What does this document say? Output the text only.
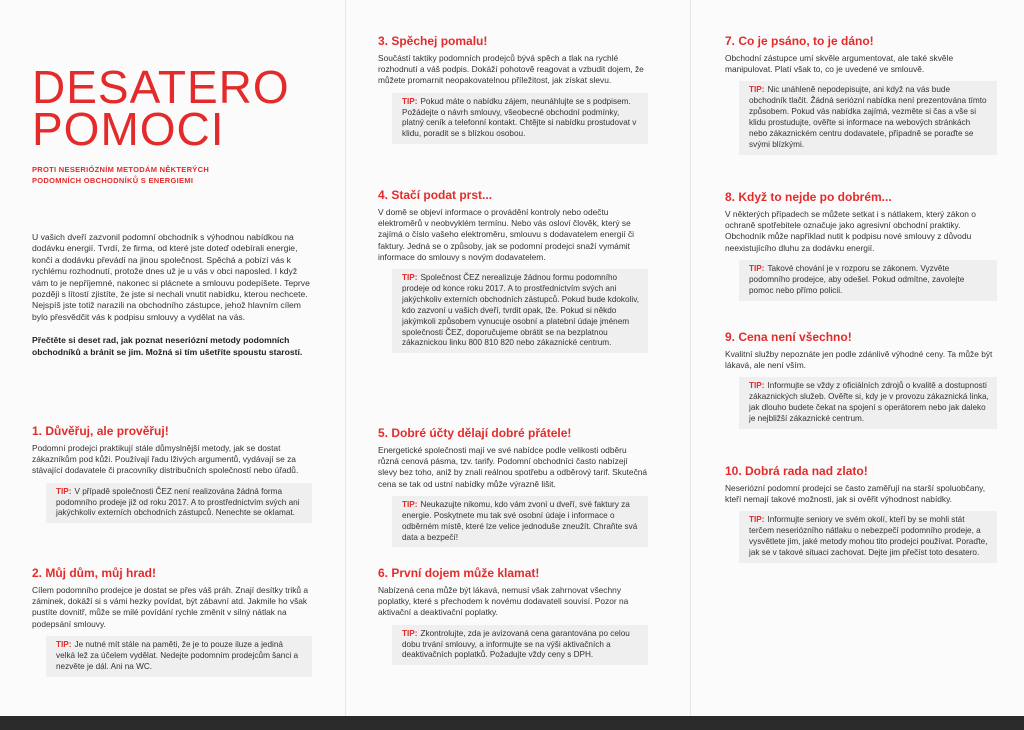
DESATERO
POMOCI
PROTI NESERIÓZNÍM METODÁM NĚKTERÝCH
PODOMNÍCH OBCHODNÍKŮ S ENERGIEMI

U vašich dveří zazvonil podomní obchodník s výhodnou nabídkou na dodávku energií. Tvrdí, že firma, od které jste doteď odebírali energie, končí a dodávku převádí na jinou společnost. Spěchá a pobízí vás k rychlému rozhodnutí, protože dnes už je u vás v obci naposled. I když vám to je nepříjemné, nakonec si plácnete a smlouvu podepíšete. Teprve později s lítostí zjistíte, že jste si nechali vnutit nabídku, kterou nechcete. Nejspíš jste totiž narazili na obchodního zástupce, jehož hlavním cílem bylo přesvědčit vás k podpisu smlouvy a vydělat na vás.

Přečtěte si deset rad, jak poznat neseriózní metody podomních obchodníků a bránit se jim. Možná si tím ušetříte spoustu starostí.

1. Důvěřuj, ale prověřuj!

Podomní prodejci praktikují stále důmyslnější metody, jak se dostat zákazníkům pod kůži. Používají řadu lživých argumentů, vydávají se za stávající dodavatele či pracovníky distribučních společností nebo úřadů.

TIP: V případě společnosti ČEZ není realizována žádná forma podomního prodeje již od roku 2017. A to prostřednictvím svých ani jakýchkoliv externích obchodních zástupců. Nenechte se oklamat.
2. Můj dům, můj hrad!

Cílem podomního prodejce je dostat se přes váš práh. Znají desítky triků a záminek, dokáží si s vámi hezky povídat, být zábavní atd. Jakmile ho však pustíte dovnitř, může se milé povídání rychle změnit v silný nátlak na podepsání smlouvy.

TIP: Je nutné mít stále na paměti, že je to pouze iluze a jediná velká lež za účelem vydělat. Nedejte podomním prodejcům šanci a nezvěte je dál. Ani na WC.
3. Spěchej pomalu!

Součástí taktiky podomních prodejců bývá spěch a tlak na rychlé rozhodnutí a váš podpis. Dokáží pohotově reagovat a vzbudit dojem, že můžete promarnit neopakovatelnou příležitost, jak získat slevu.

TIP: Pokud máte o nabídku zájem, neunáhlujte se s podpisem. Požádejte o návrh smlouvy, všeobecné obchodní podmínky, platný ceník a telefonní kontakt. Chtějte si nabídku prostudovat v klidu, poradit se s blízkou osobou.
4. Stačí podat prst...

V domě se objeví informace o provádění kontroly nebo odečtu elektroměrů v neobvyklém termínu. Nebo vás osloví člověk, který se zajímá o číslo vašeho elektroměru, smlouvu s dodavatelem energií či faktury. Jedná se o způsoby, jak se podomní prodejci snaží vymámit informace do smlouvy s novým dodavatelem.

TIP: Společnost ČEZ nerealizuje žádnou formu podomního prodeje od konce roku 2017. A to prostřednictvím svých ani jakýchkoliv externích obchodních zástupců. Pokud bude kdokoliv, kdo zazvoní u vašich dveří, tvrdit opak, lže. Pokud si někdo jakýmkoli způsobem vynucuje osobní a platební údaje jménem společnosti ČEZ, doporučujeme obrátit se na bezplatnou zákaznickou linku 800 810 820 nebo zákaznické centrum.
5. Dobré účty dělají dobré přátele!

Energetické společnosti mají ve své nabídce podle velikosti odběru různá cenová pásma, tzv. tarify. Podomní obchodníci často nabízejí slevy bez toho, aniž by znali reálnou spotřebu a odběrový tarif. Skutečná cena se tak od ustní nabídky může výrazně lišit.

TIP: Neukazujte nikomu, kdo vám zvoní u dveří, své faktury za energie. Poskytnete mu tak své osobní údaje i informace o odběrném místě, které lze velice jednoduše zneužít. Chraňte svá data a bezpečí!
6. První dojem může klamat!

Nabízená cena může být lákavá, nemusí však zahrnovat všechny poplatky, které s přechodem k novému dodavateli souvisí. Pozor na aktivační a deaktivační poplatky.

TIP: Zkontrolujte, zda je avizovaná cena garantována po celou dobu trvání smlouvy, a informujte se na výši aktivačních a deaktivačních poplatků. Požadujte vždy ceny s DPH.
7. Co je psáno, to je dáno!

Obchodní zástupce umí skvěle argumentovat, ale také skvěle manipulovat. Platí však to, co je uvedené ve smlouvě.

TIP: Nic unáhleně nepodepisujte, ani když na vás bude obchodník tlačit. Žádná seriózní nabídka není prezentována tímto způsobem. Pokud vás nabídka zajímá, vezměte si čas a vše si klidu prostudujte, ověřte si informace na webových stránkách nebo zákaznickém centru dodavatele, případně se poraďte se svými blízkými.
8. Když to nejde po dobrém...

V některých případech se můžete setkat i s nátlakem, který zákon o ochraně spotřebitele označuje jako agresivní obchodní praktiky. Obchodník může například nutit k podpisu nové smlouvy z důvodu neexistujícího dluhu za dodávku energií.

TIP: Takové chování je v rozporu se zákonem. Vyzvěte podomního prodejce, aby odešel. Pokud odmítne, zavolejte pomoc nebo přímo policii.
9. Cena není všechno!

Kvalitní služby nepoznáte jen podle zdánlivě výhodné ceny. Ta může být lákavá, ale není vším.

TIP: Informujte se vždy z oficiálních zdrojů o kvalitě a dostupnosti zákaznických služeb. Ověřte si, kdy je v provozu zákaznická linka, jak dlouho budete čekat na spojení s operátorem nebo jak daleko je nejbližší zákaznické centrum.
10. Dobrá rada nad zlato!

Neseriózní podomní prodejci se často zaměřují na starší spoluobčany, kteří nemají takové možnosti, jak si ověřit výhodnost nabídky.

TIP: Informujte seniory ve svém okolí, kteří by se mohli stát terčem neseriózního nátlaku o nebezpečí podomního prodeje, a vysvětlete jim, jaké metody mohou tito prodejci používat. Poraďte, jak se v takové situaci zachovat. Dejte jim přečíst toto desatero.
